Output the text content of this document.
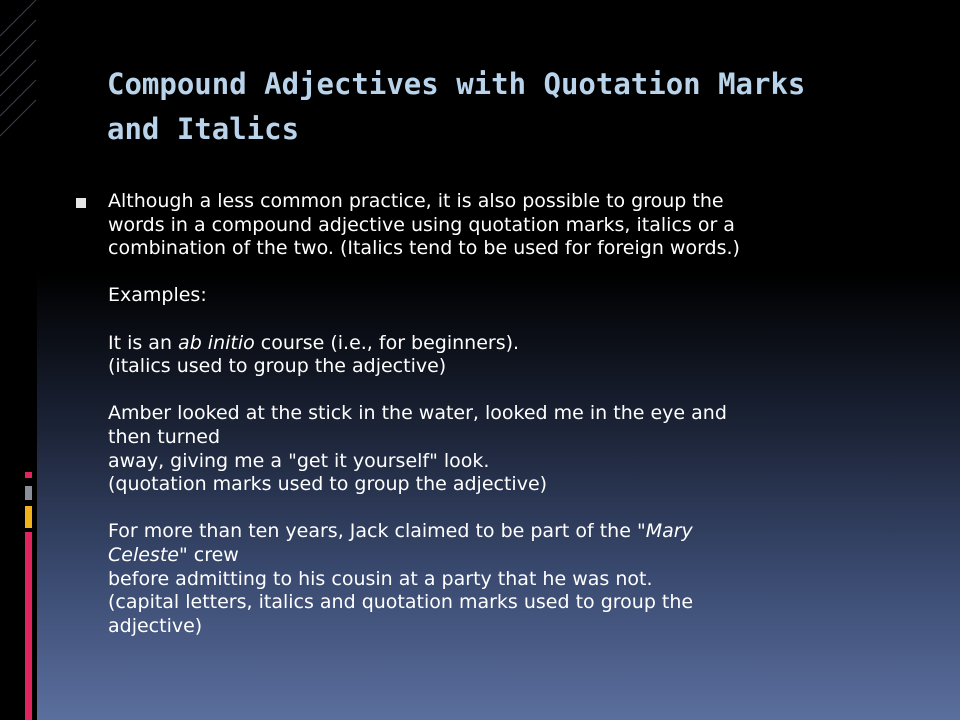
Compound Adjectives with Quotation Marks
and Italics
Although a less common practice, it is also possible to group the
words in a compound adjective using quotation marks, italics or a
combination of the two. (Italics tend to be used for foreign words.)
Examples:
It is an ab initio course (i.e., for beginners).
(italics used to group the adjective)
Amber looked at the stick in the water, looked me in the eye and
then turned
away, giving me a "get it yourself" look.
(quotation marks used to group the adjective)
For more than ten years, Jack claimed to be part of the "Mary
Celeste" crew
before admitting to his cousin at a party that he was not.
(capital letters, italics and quotation marks used to group the
adjective)
